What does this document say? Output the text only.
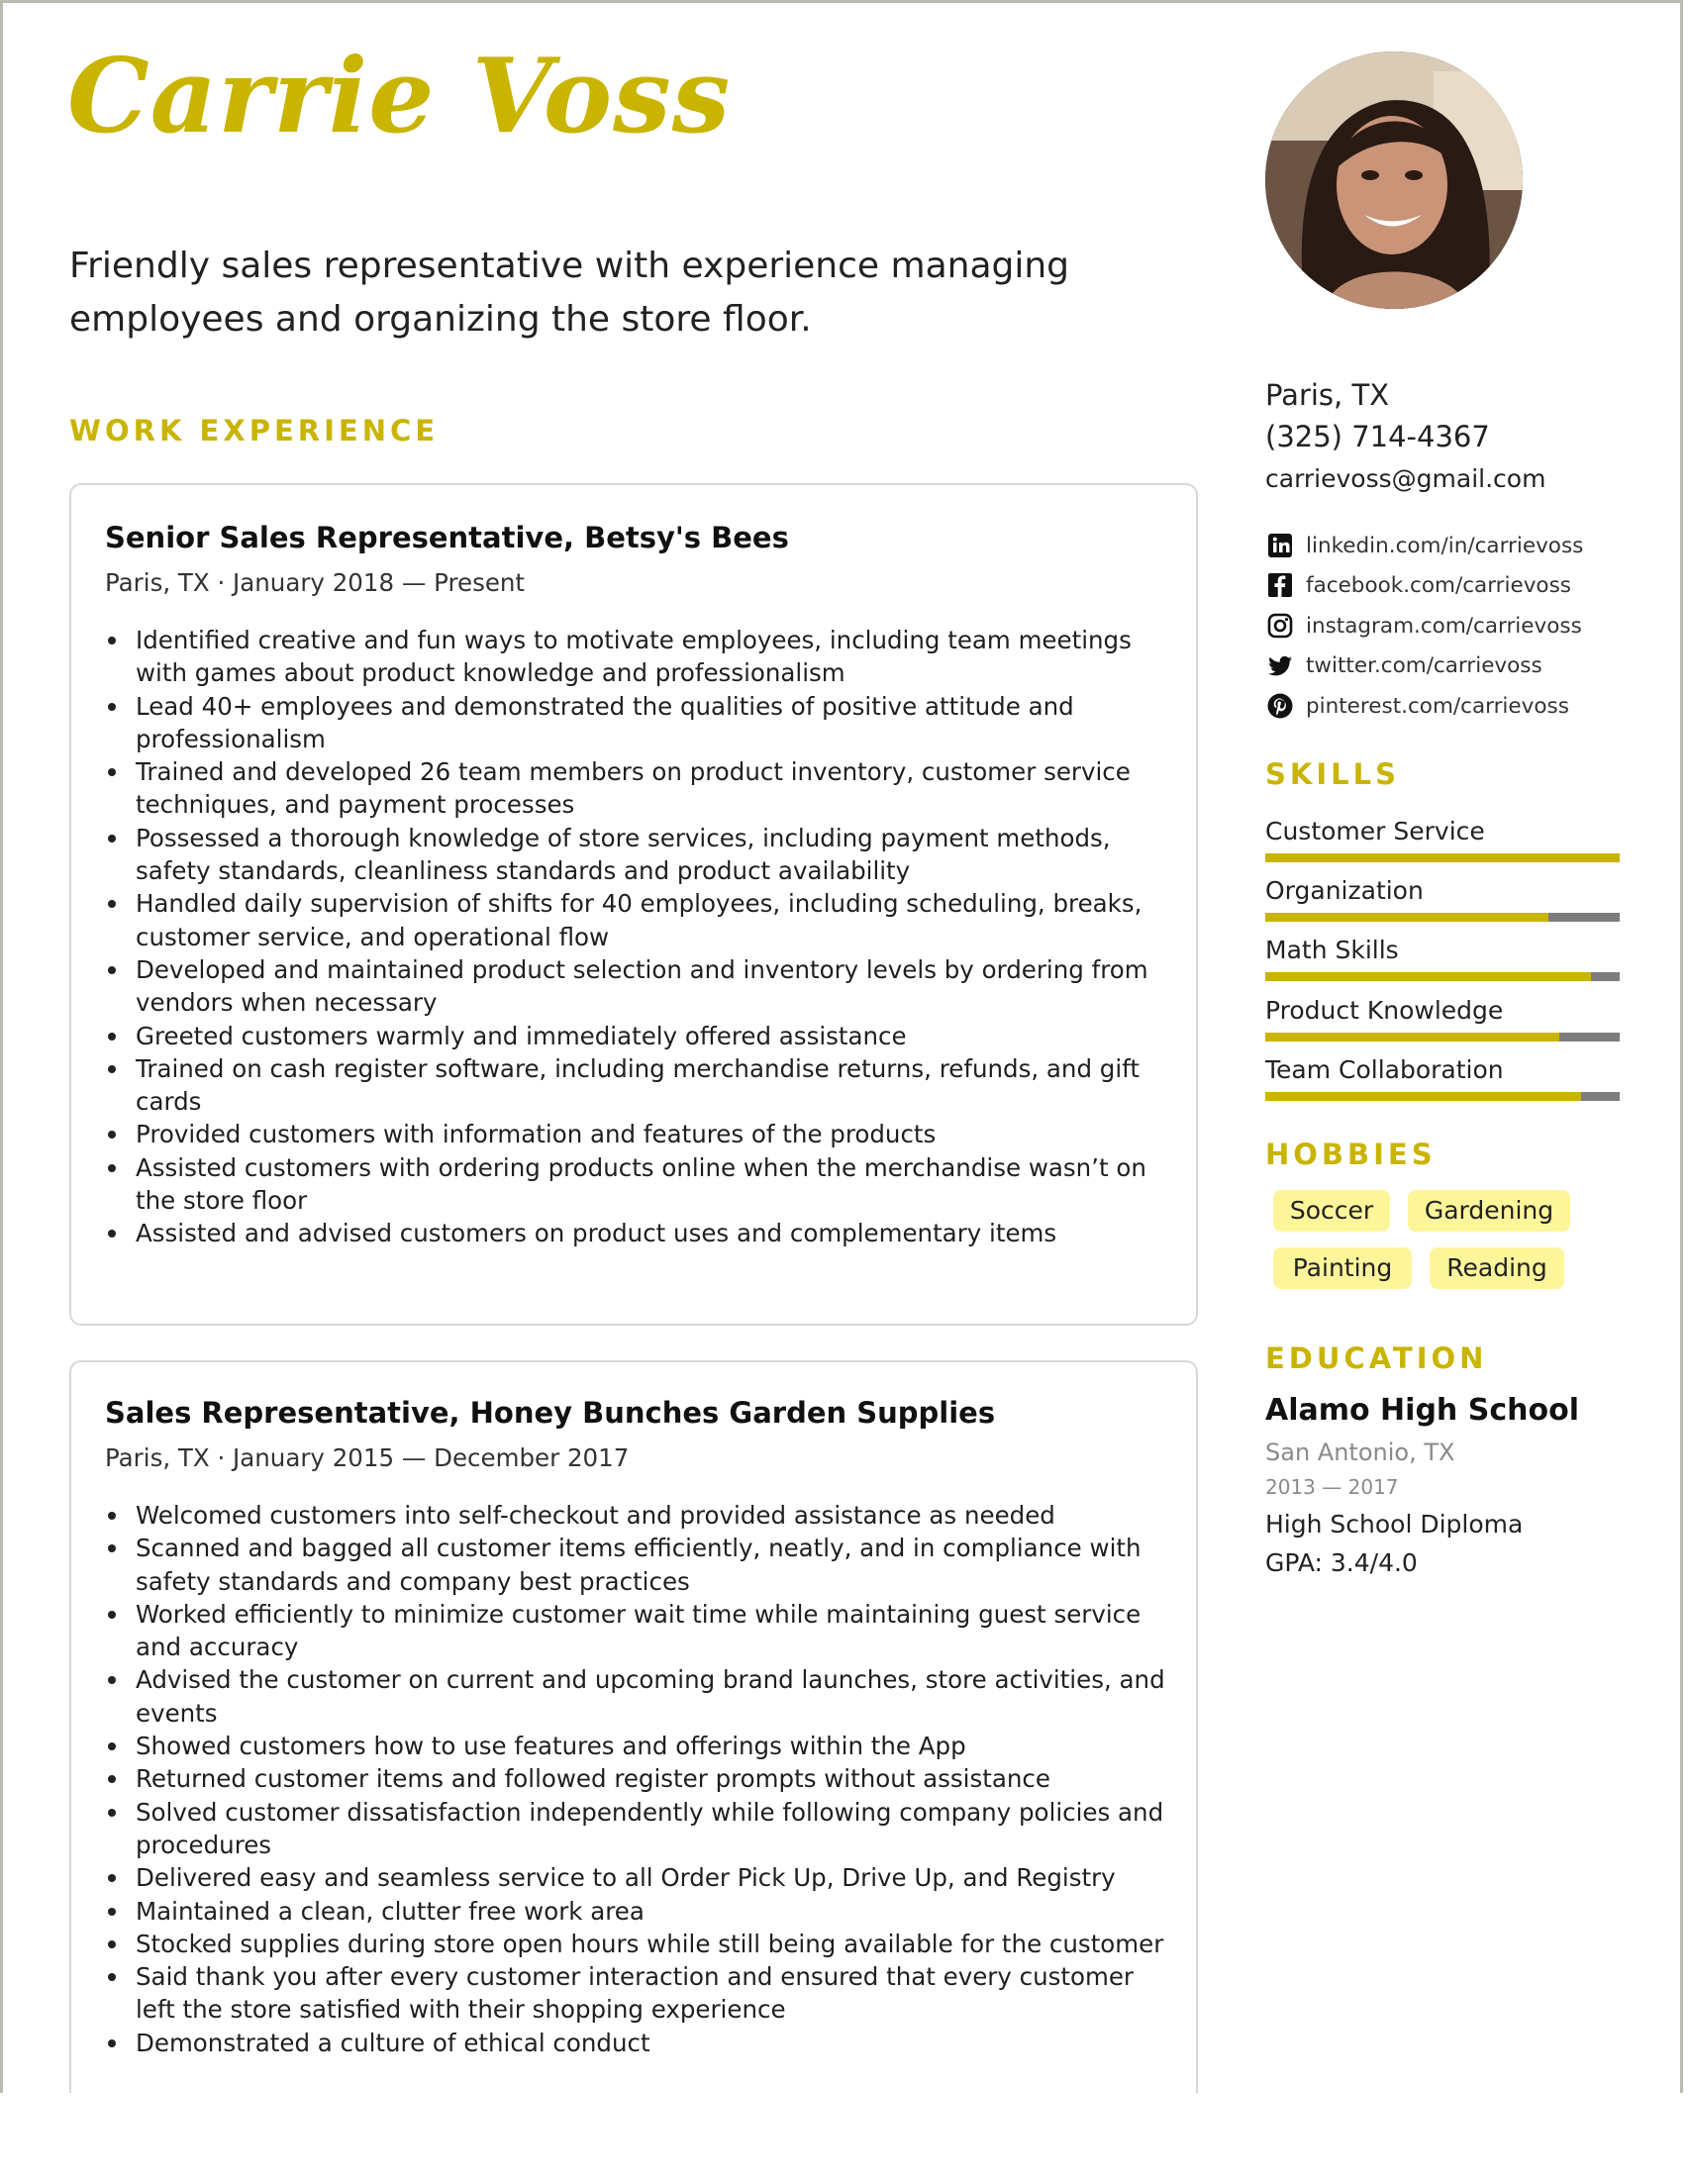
Carrie Voss
Friendly sales representative with experience managing employees and organizing the store floor.
WORK EXPERIENCE
Senior Sales Representative, Betsy's Bees
Paris, TX · January 2018 — Present
Identified creative and fun ways to motivate employees, including team meetings with games about product knowledge and professionalism
Lead 40+ employees and demonstrated the qualities of positive attitude and professionalism
Trained and developed 26 team members on product inventory, customer service techniques, and payment processes
Possessed a thorough knowledge of store services, including payment methods, safety standards, cleanliness standards and product availability
Handled daily supervision of shifts for 40 employees, including scheduling, breaks, customer service, and operational flow
Developed and maintained product selection and inventory levels by ordering from vendors when necessary
Greeted customers warmly and immediately offered assistance
Trained on cash register software, including merchandise returns, refunds, and gift cards
Provided customers with information and features of the products
Assisted customers with ordering products online when the merchandise wasn’t on the store floor
Assisted and advised customers on product uses and complementary items
Sales Representative, Honey Bunches Garden Supplies
Paris, TX · January 2015 — December 2017
Welcomed customers into self-checkout and provided assistance as needed
Scanned and bagged all customer items efficiently, neatly, and in compliance with safety standards and company best practices
Worked efficiently to minimize customer wait time while maintaining guest service and accuracy
Advised the customer on current and upcoming brand launches, store activities, and events
Showed customers how to use features and offerings within the App
Returned customer items and followed register prompts without assistance
Solved customer dissatisfaction independently while following company policies and procedures
Delivered easy and seamless service to all Order Pick Up, Drive Up, and Registry
Maintained a clean, clutter free work area
Stocked supplies during store open hours while still being available for the customer
Said thank you after every customer interaction and ensured that every customer left the store satisfied with their shopping experience
Demonstrated a culture of ethical conduct
Paris, TX
(325) 714-4367
carrievoss@gmail.com
linkedin.com/in/carrievoss
facebook.com/carrievoss
instagram.com/carrievoss
twitter.com/carrievoss
pinterest.com/carrievoss
SKILLS
Customer Service
Organization
Math Skills
Product Knowledge
Team Collaboration
HOBBIES
Soccer	Gardening
Painting	Reading
EDUCATION
Alamo High School
San Antonio, TX
2013 — 2017
High School Diploma
GPA: 3.4/4.0
